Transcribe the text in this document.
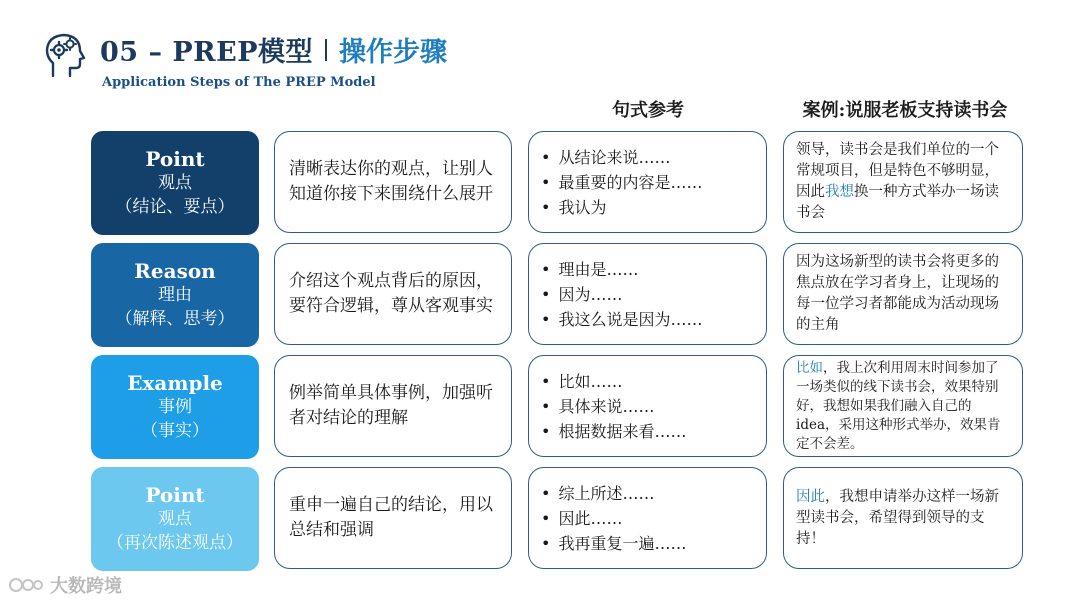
05 – PREP模型 操作步骤
Application Steps of The PREP Model
句式参考	案例:说服老板支持读书会
Point
观点
（结论、要点）
清晰表达你的观点，让别人知道你接下来围绕什么展开
• 从结论来说……
• 最重要的内容是……
• 我认为
领导，读书会是我们单位的一个常规项目，但是特色不够明显，因此我想换一种方式举办一场读书会
Reason
理由
（解释、思考）
介绍这个观点背后的原因，要符合逻辑，尊从客观事实
• 理由是……
• 因为……
• 我这么说是因为……
因为这场新型的读书会将更多的焦点放在学习者身上，让现场的每一位学习者都能成为活动现场的主角
Example
事例
（事实）
例举简单具体事例，加强听者对结论的理解
• 比如……
• 具体来说……
• 根据数据来看……
比如，我上次利用周末时间参加了一场类似的线下读书会，效果特别好，我想如果我们融入自己的idea，采用这种形式举办，效果肯定不会差。
Point
观点
（再次陈述观点）
重申一遍自己的结论，用以总结和强调
• 综上所述……
• 因此……
• 我再重复一遍……
因此，我想申请举办这样一场新型读书会，希望得到领导的支持！
大数跨境
